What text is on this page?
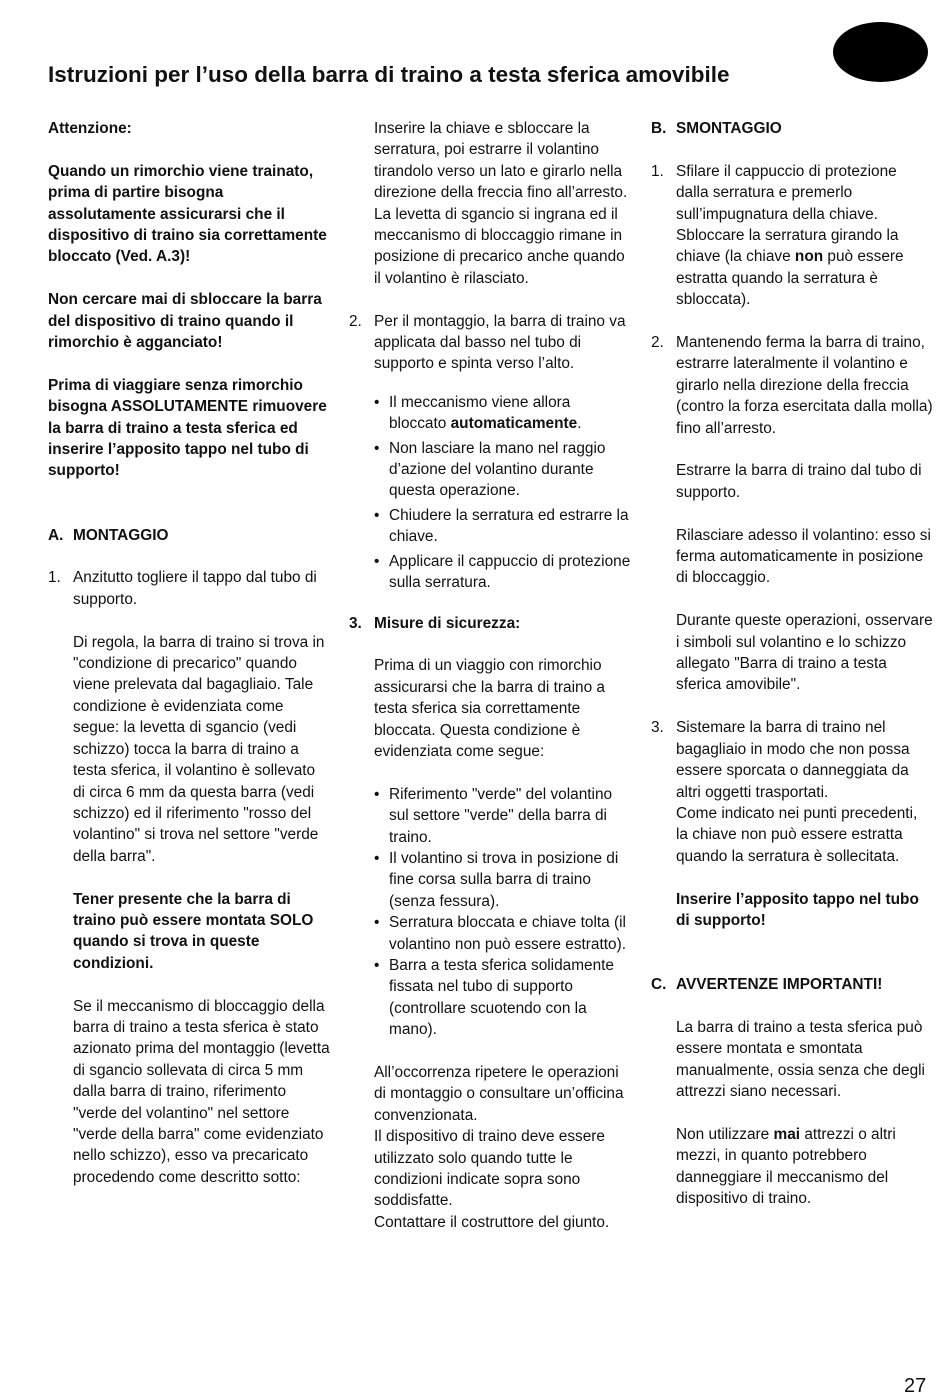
Istruzioni per l’uso della barra di traino a testa sferica amovibile

Attenzione:

Quando un rimorchio viene trainato, prima di partire bisogna assolutamente assicurarsi che il dispositivo di traino sia correttamente bloccato (Ved. A.3)!

Non cercare mai di sbloccare la barra del dispositivo di traino quando il rimorchio è agganciato!

Prima di viaggiare senza rimorchio

bisogna ASSOLUTAMENTE rimuovere la barra di traino a testa sferica ed inserire l’apposito tappo nel tubo di supporto!

A. MONTAGGIO

1. Anzitutto togliere il tappo dal tubo di supporto.

Di regola, la barra di traino si trova in "condizione di precarico" quando viene prelevata dal bagagliaio. Tale condizione è evidenziata come segue: la levetta di sgancio (vedi schizzo) tocca la barra di traino a testa sferica, il volantino è sollevato di circa 6 mm da questa barra (vedi schizzo) ed il riferimento "rosso del volantino" si trova nel settore "verde della barra".

Tener presente che la barra di traino può essere montata SOLO quando si trova in queste condizioni.

Se il meccanismo di bloccaggio della barra di traino a testa sferica è stato azionato prima del montaggio (levetta di sgancio sollevata di circa 5 mm dalla barra di traino, riferimento "verde del volantino" nel settore "verde della barra" come evidenziato nello schizzo), esso va precaricato procedendo come descritto sotto:

Inserire la chiave e sbloccare la serratura, poi estrarre il volantino tirandolo verso un lato e girarlo nella direzione della freccia fino all’arresto. La levetta di sgancio si ingrana ed il meccanismo di bloccaggio rimane in posizione di precarico anche quando il volantino è rilasciato.

2. Per il montaggio, la barra di traino va applicata dal basso nel tubo di supporto e spinta verso l’alto.

• Il meccanismo viene allora bloccato automaticamente.

• Non lasciare la mano nel raggio d’azione del volantino durante questa operazione.

• Chiudere la serratura ed estrarre la chiave.

• Applicare il cappuccio di protezione sulla serratura.

3. Misure di sicurezza:

Prima di un viaggio con rimorchio assicurarsi che la barra di traino a testa sferica sia correttamente bloccata. Questa condizione è evidenziata come segue:

• Riferimento "verde" del volantino sul settore "verde" della barra di traino.

• Il volantino si trova in posizione di fine corsa sulla barra di traino (senza fessura).

• Serratura bloccata e chiave tolta (il volantino non può essere estratto).

• Barra a testa sferica solidamente fissata nel tubo di supporto (controllare scuotendo con la mano).

All’occorrenza ripetere le operazioni di montaggio o consultare un’officina convenzionata.

Il dispositivo di traino deve essere utilizzato solo quando tutte le condizioni indicate sopra sono soddisfatte.

Contattare il costruttore del giunto.

B. SMONTAGGIO

1. Sfilare il cappuccio di protezione dalla serratura e premerlo sull’impugnatura della chiave. Sbloccare la serratura girando la chiave (la chiave non può essere estratta quando la serratura è sbloccata).

2. Mantenendo ferma la barra di traino, estrarre lateralmente il volantino e girarlo nella direzione della freccia (contro la forza esercitata dalla molla) fino all’arresto.

Estrarre la barra di traino dal tubo di supporto.

Rilasciare adesso il volantino: esso si ferma automaticamente in posizione di bloccaggio.

Durante queste operazioni, osservare i simboli sul volantino e lo schizzo allegato "Barra di traino a testa sferica amovibile".

3. Sistemare la barra di traino nel bagagliaio in modo che non possa essere sporcata o danneggiata da altri oggetti trasportati.

Come indicato nei punti precedenti, la chiave non può essere estratta quando la serratura è sollecitata.

Inserire l’apposito tappo nel tubo di supporto!

C. AVVERTENZE IMPORTANTI!

La barra di traino a testa sferica può essere montata e smontata manualmente, ossia senza che degli attrezzi siano necessari.

Non utilizzare mai attrezzi o altri mezzi, in quanto potrebbero danneggiare il meccanismo del dispositivo di traino.

27
